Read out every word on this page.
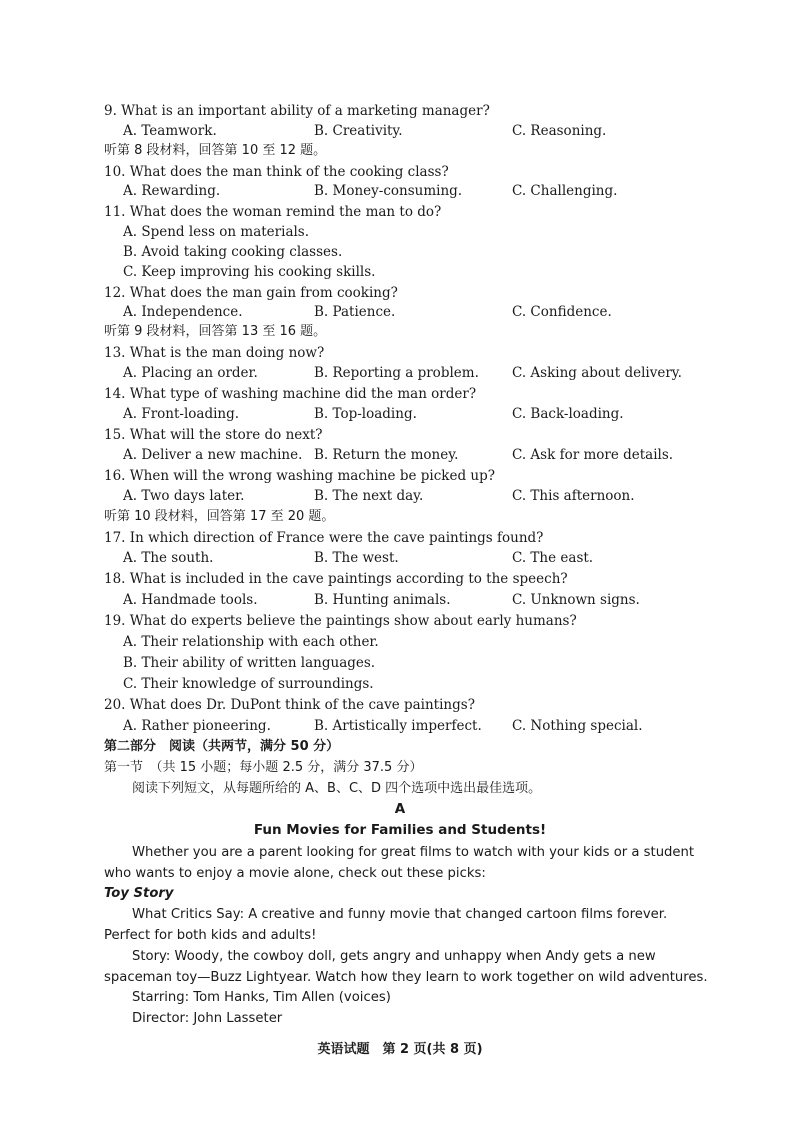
9. What is an important ability of a marketing manager?
A. Teamwork.	B. Creativity.	C. Reasoning.
听第 8 段材料，回答第 10 至 12 题。
10. What does the man think of the cooking class?
A. Rewarding.	B. Money-consuming.	C. Challenging.
11. What does the woman remind the man to do?
A. Spend less on materials.
B. Avoid taking cooking classes.
C. Keep improving his cooking skills.
12. What does the man gain from cooking?
A. Independence.	B. Patience.	C. Confidence.
听第 9 段材料，回答第 13 至 16 题。
13. What is the man doing now?
A. Placing an order.	B. Reporting a problem. C. Asking about delivery.
14. What type of washing machine did the man order?
A. Front-loading.	B. Top-loading.	C. Back-loading.
15. What will the store do next?
A. Deliver a new machine. B. Return the money.	C. Ask for more details.
16. When will the wrong washing machine be picked up?
A. Two days later.	B. The next day.	C. This afternoon.
听第 10 段材料，回答第 17 至 20 题。
17. In which direction of France were the cave paintings found?
A. The south.	B. The west.	C. The east.
18. What is included in the cave paintings according to the speech?
A. Handmade tools.	B. Hunting animals.	C. Unknown signs.
19. What do experts believe the paintings show about early humans?
A. Their relationship with each other.
B. Their ability of written languages.
C. Their knowledge of surroundings.
20. What does Dr. DuPont think of the cave paintings?
A. Rather pioneering.	B. Artistically imperfect. C. Nothing special.
第二部分　阅读（共两节，满分 50 分）
第一节　（共 15 小题；每小题 2.5 分，满分 37.5 分）
阅读下列短文，从每题所给的 A、B、C、D 四个选项中选出最佳选项。
A
Fun Movies for Families and Students!
Whether you are a parent looking for great films to watch with your kids or a student
who wants to enjoy a movie alone, check out these picks:
Toy Story
What Critics Say: A creative and funny movie that changed cartoon films forever.
Perfect for both kids and adults!
Story: Woody, the cowboy doll, gets angry and unhappy when Andy gets a new
spaceman toy—Buzz Lightyear. Watch how they learn to work together on wild adventures.
Starring: Tom Hanks, Tim Allen (voices)
Director: John Lasseter
英语试题　第 2 页(共 8 页)
